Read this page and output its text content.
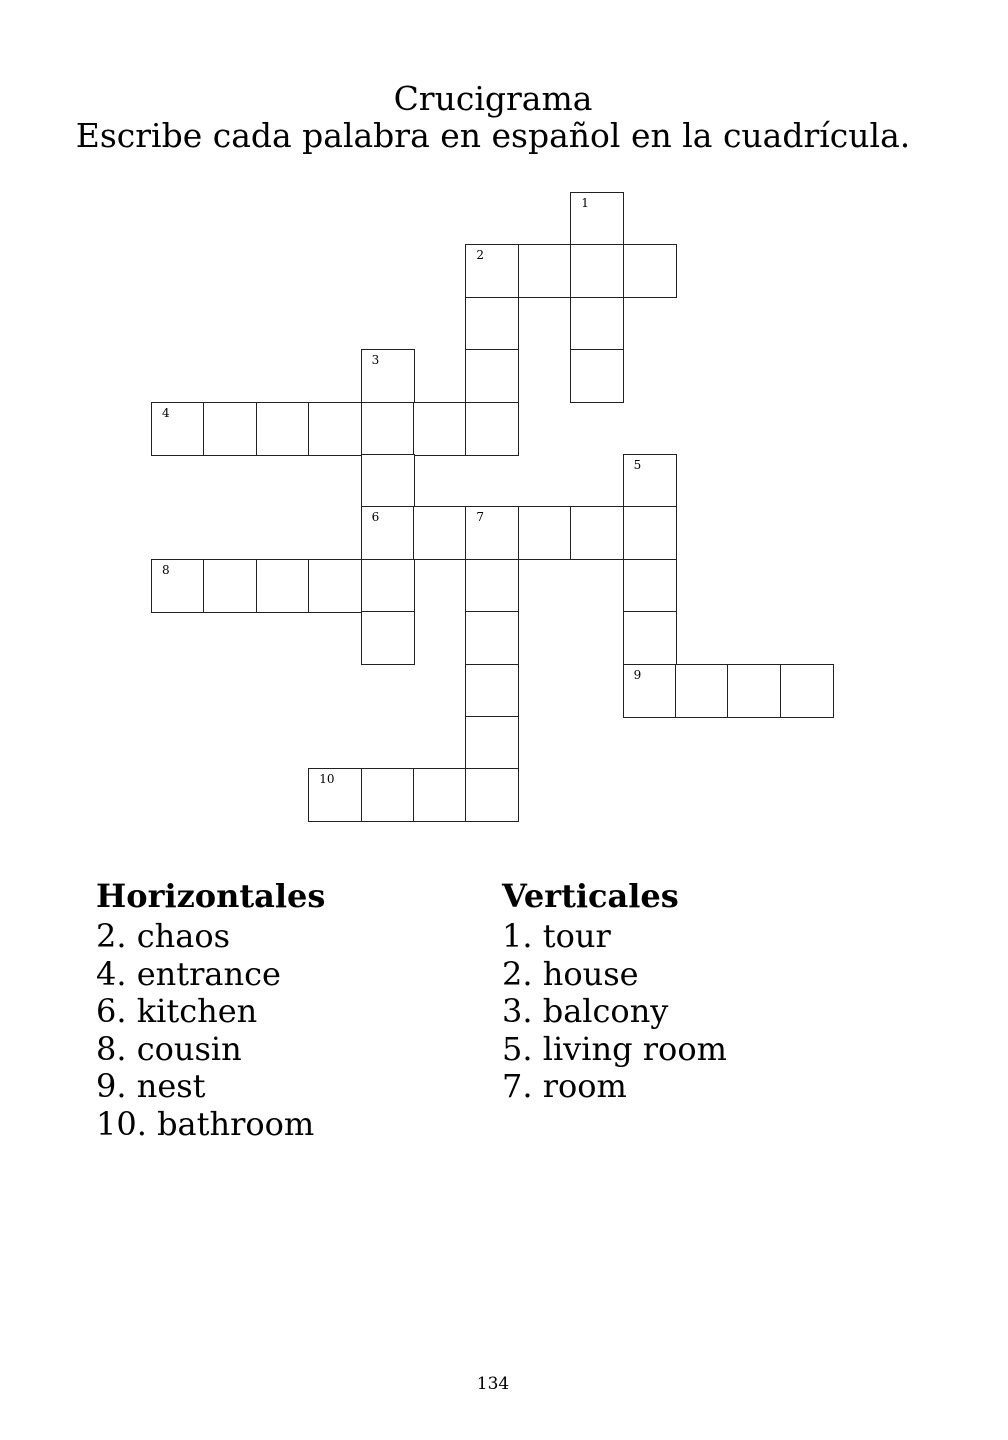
Crucigrama
Escribe cada palabra en español en la cuadrícula.
1
2
3
4
5
6	7
8
9
10
Horizontales
2. chaos
4. entrance
6. kitchen
8. cousin
9. nest
10. bathroom
Verticales
1. tour
2. house
3. balcony
5. living room
7. room
134
